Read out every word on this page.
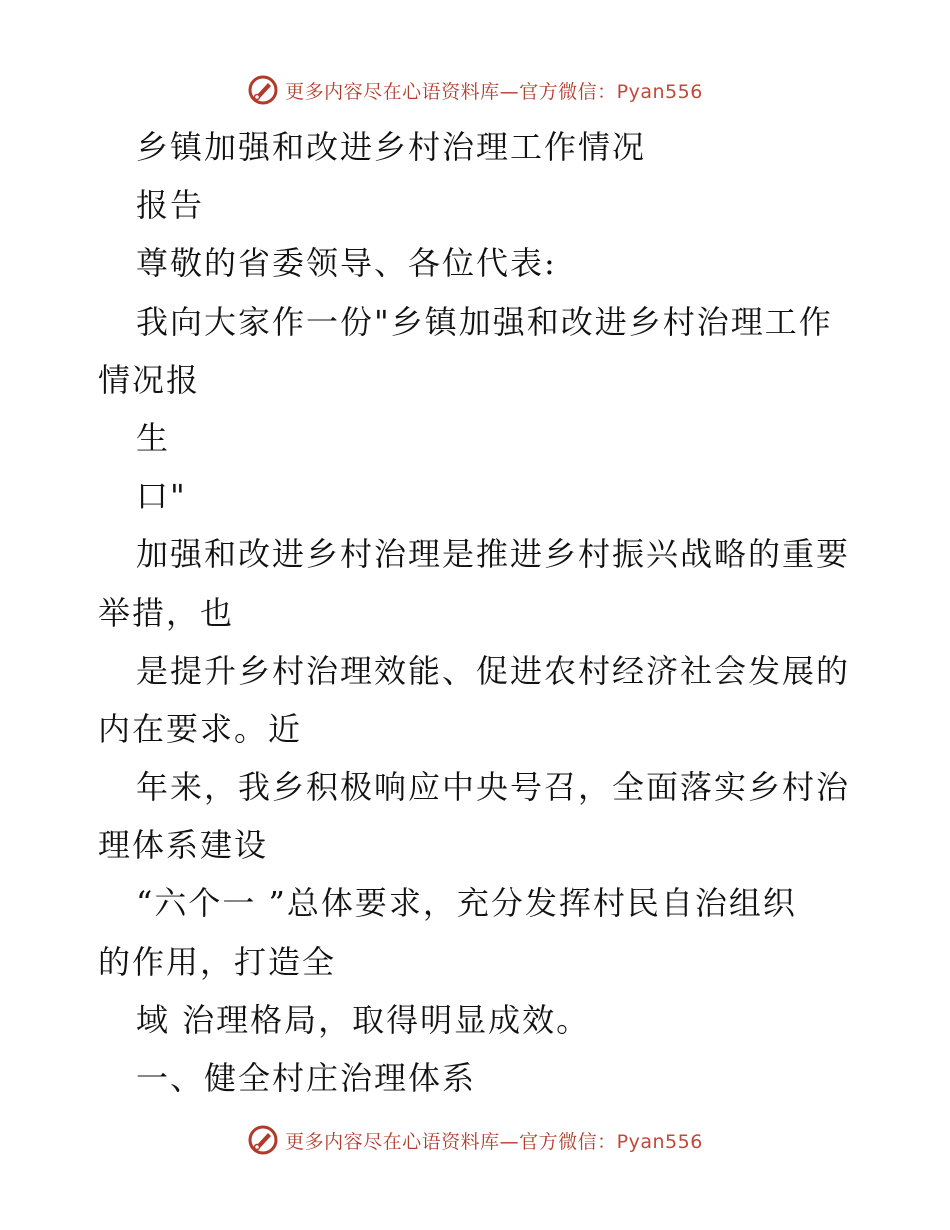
更多内容尽在心语资料库—官方微信：Pyan556
乡镇加强和改进乡村治理工作情况
报告
尊敬的省委领导、各位代表:
我向大家作一份"乡镇加强和改进乡村治理工作
情况报
生
口"
加强和改进乡村治理是推进乡村振兴战略的重要
举措，也
是提升乡村治理效能、促进农村经济社会发展的
内在要求。近
年来，我乡积极响应中央号召，全面落实乡村治
理体系建设
“六个一 ”总体要求，充分发挥村民自治组织
的作用，打造全
域 治理格局，取得明显成效。
一、健全村庄治理体系
更多内容尽在心语资料库—官方微信：Pyan556
